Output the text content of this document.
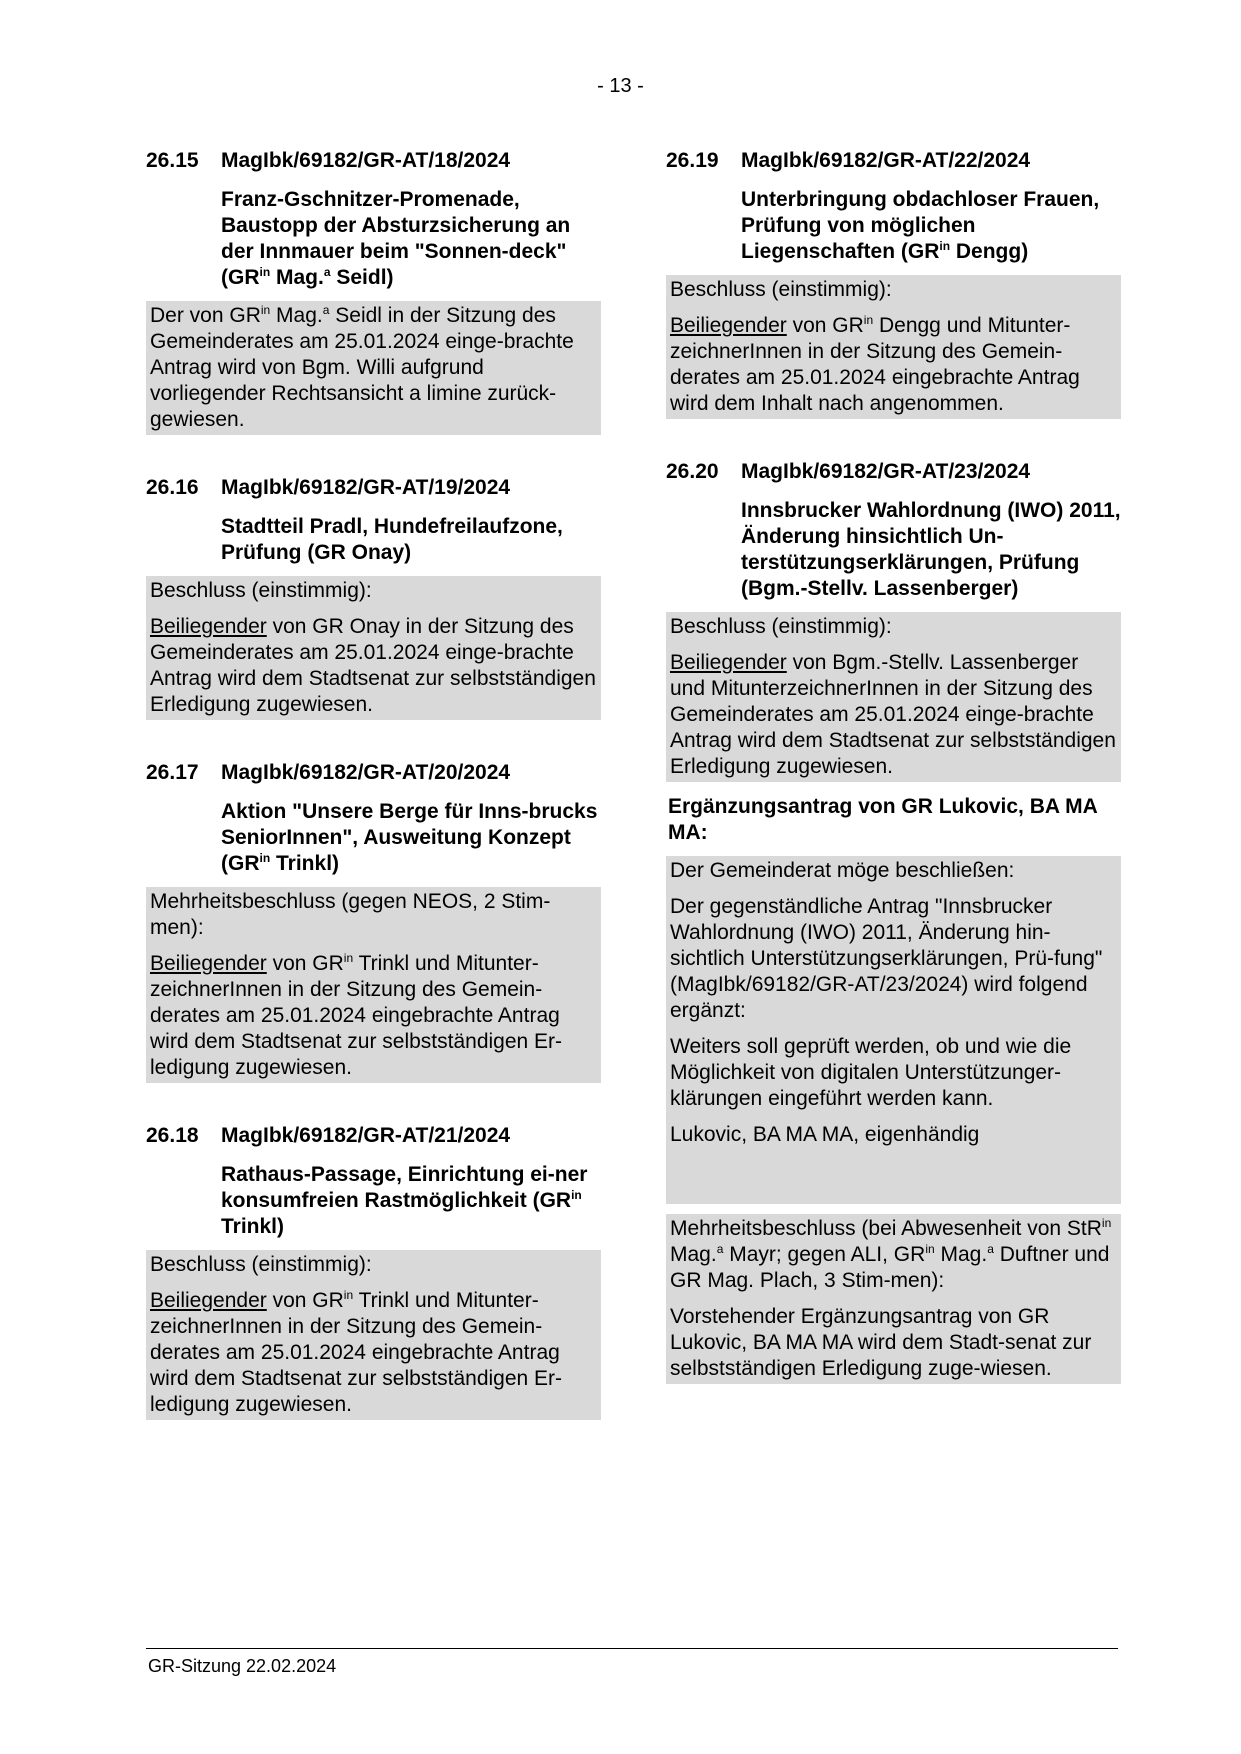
- 13 -
26.15	MagIbk/69182/GR-AT/18/2024
Franz-Gschnitzer-Promenade, Baustopp der Absturzsicherung an der Innmauer beim "Sonnen-deck" ($GR^{in}$ Mag.$^a$ Seidl)

Der von $GR^{in}$ Mag.$^a$ Seidl in der Sitzung des Gemeinderates am 25.01.2024 einge-brachte Antrag wird von Bgm. Willi aufgrund vorliegender Rechtsansicht a limine zurück-gewiesen.

26.16	MagIbk/69182/GR-AT/19/2024
Stadtteil Pradl, Hundefreilaufzone, Prüfung (GR Onay)

Beschluss (einstimmig):

Beiliegender von GR Onay in der Sitzung des Gemeinderates am 25.01.2024 einge-brachte Antrag wird dem Stadtsenat zur selbstständigen Erledigung zugewiesen.

26.17	MagIbk/69182/GR-AT/20/2024
Aktion "Unsere Berge für Inns-brucks SeniorInnen", Ausweitung Konzept ($GR^{in}$ Trinkl)

Mehrheitsbeschluss (gegen NEOS, 2 Stim-men):

Beiliegender von $GR^{in}$ Trinkl und Mitunter-zeichnerInnen in der Sitzung des Gemein-derates am 25.01.2024 eingebrachte Antrag wird dem Stadtsenat zur selbstständigen Er-ledigung zugewiesen.

26.18	MagIbk/69182/GR-AT/21/2024
Rathaus-Passage, Einrichtung ei-ner konsumfreien Rastmöglichkeit ($GR^{in}$ Trinkl)

Beschluss (einstimmig):

Beiliegender von $GR^{in}$ Trinkl und Mitunter-zeichnerInnen in der Sitzung des Gemein-derates am 25.01.2024 eingebrachte Antrag wird dem Stadtsenat zur selbstständigen Er-ledigung zugewiesen.

26.19	MagIbk/69182/GR-AT/22/2024
Unterbringung obdachloser Frauen, Prüfung von möglichen Liegenschaften ($GR^{in}$ Dengg)

Beschluss (einstimmig):

Beiliegender von $GR^{in}$ Dengg und Mitunter-zeichnerInnen in der Sitzung des Gemein-derates am 25.01.2024 eingebrachte Antrag wird dem Inhalt nach angenommen.

26.20	MagIbk/69182/GR-AT/23/2024
Innsbrucker Wahlordnung (IWO) 2011, Änderung hinsichtlich Un-terstützungserklärungen, Prüfung (Bgm.-Stellv. Lassenberger)

Beschluss (einstimmig):

Beiliegender von Bgm.-Stellv. Lassenberger und MitunterzeichnerInnen in der Sitzung des Gemeinderates am 25.01.2024 einge-brachte Antrag wird dem Stadtsenat zur selbstständigen Erledigung zugewiesen.

Ergänzungsantrag von GR Lukovic, BA MA MA:

Der Gemeinderat möge beschließen:

Der gegenständliche Antrag "Innsbrucker Wahlordnung (IWO) 2011, Änderung hin-sichtlich Unterstützungserklärungen, Prü-fung" (MagIbk/69182/GR-AT/23/2024) wird folgend ergänzt:

Weiters soll geprüft werden, ob und wie die Möglichkeit von digitalen Unterstützunger-klärungen eingeführt werden kann.

Lukovic, BA MA MA, eigenhändig

Mehrheitsbeschluss (bei Abwesenheit von StR$^{in}$ Mag.$^a$ Mayr; gegen ALI, $GR^{in}$ Mag.$^a$ Duftner und GR Mag. Plach, 3 Stim-men):

Vorstehender Ergänzungsantrag von GR Lukovic, BA MA MA wird dem Stadt-senat zur selbstständigen Erledigung zuge-wiesen.

GR-Sitzung 22.02.2024
